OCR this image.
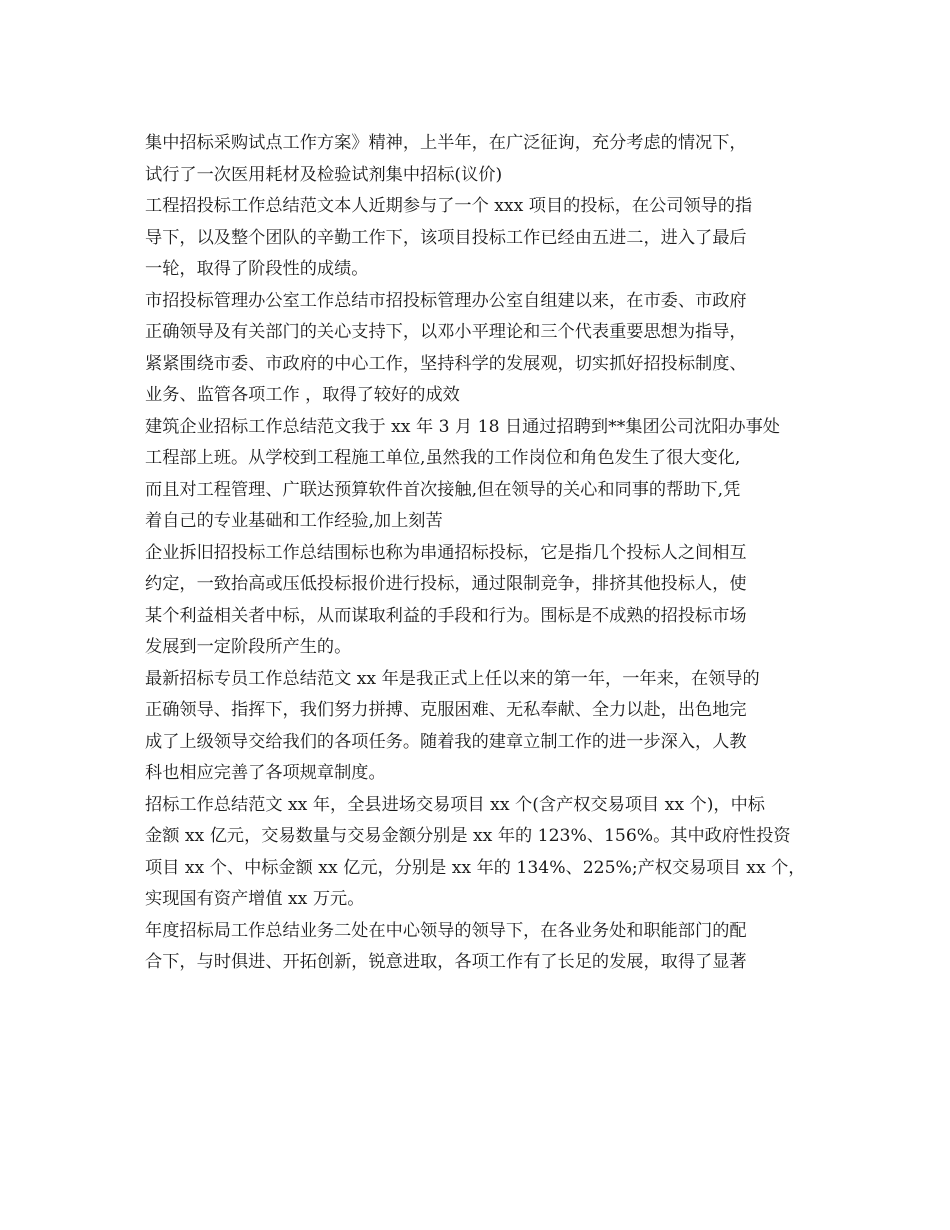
集中招标采购试点工作方案》精神，上半年，在广泛征询，充分考虑的情况下，
试行了一次医用耗材及检验试剂集中招标(议价)
工程招投标工作总结范文本人近期参与了一个 xxx 项目的投标，在公司领导的指
导下，以及整个团队的辛勤工作下，该项目投标工作已经由五进二，进入了最后
一轮，取得了阶段性的成绩。
市招投标管理办公室工作总结市招投标管理办公室自组建以来，在市委、市政府
正确领导及有关部门的关心支持下，以邓小平理论和三个代表重要思想为指导，
紧紧围绕市委、市政府的中心工作，坚持科学的发展观，切实抓好招投标制度、
业务、监管各项工作 ，取得了较好的成效
建筑企业招标工作总结范文我于 xx 年 3 月 18 日通过招聘到**集团公司沈阳办事处
工程部上班。从学校到工程施工单位,虽然我的工作岗位和角色发生了很大变化,
而且对工程管理、广联达预算软件首次接触,但在领导的关心和同事的帮助下,凭
着自己的专业基础和工作经验,加上刻苦
企业拆旧招投标工作总结围标也称为串通招标投标，它是指几个投标人之间相互
约定，一致抬高或压低投标报价进行投标，通过限制竞争，排挤其他投标人，使
某个利益相关者中标，从而谋取利益的手段和行为。围标是不成熟的招投标市场
发展到一定阶段所产生的。
最新招标专员工作总结范文 xx 年是我正式上任以来的第一年，一年来，在领导的
正确领导、指挥下，我们努力拼搏、克服困难、无私奉献、全力以赴，出色地完
成了上级领导交给我们的各项任务。随着我的建章立制工作的进一步深入，人教
科也相应完善了各项规章制度。
招标工作总结范文 xx 年，全县进场交易项目 xx 个(含产权交易项目 xx 个)，中标
金额 xx 亿元，交易数量与交易金额分别是 xx 年的 123%、156%。其中政府性投资
项目 xx 个、中标金额 xx 亿元，分别是 xx 年的 134%、225%;产权交易项目 xx 个，
实现国有资产增值 xx 万元。
年度招标局工作总结业务二处在中心领导的领导下，在各业务处和职能部门的配
合下，与时俱进、开拓创新，锐意进取，各项工作有了长足的发展，取得了显著
